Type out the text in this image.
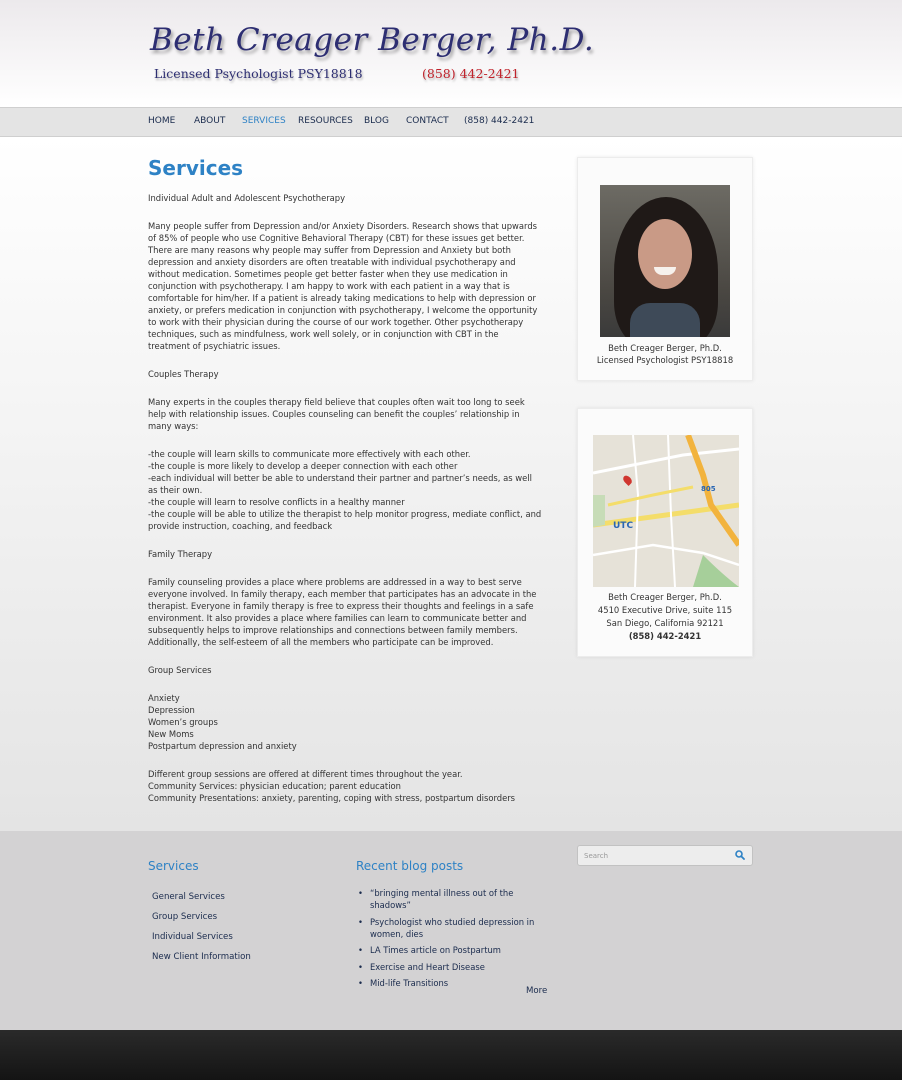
Beth Creager Berger, Ph.D.
Licensed Psychologist PSY18818	(858) 442-2421
HOME ABOUT SERVICES RESOURCES BLOG CONTACT (858) 442-2421
Services
Individual Adult and Adolescent Psychotherapy
Many people suffer from Depression and/or Anxiety Disorders. Research shows that upwards of 85% of people who use Cognitive Behavioral Therapy (CBT) for these issues get better. There are many reasons why people may suffer from Depression and Anxiety but both depression and anxiety disorders are often treatable with individual psychotherapy and without medication. Sometimes people get better faster when they use medication in conjunction with psychotherapy. I am happy to work with each patient in a way that is comfortable for him/her. If a patient is already taking medications to help with depression or anxiety, or prefers medication in conjunction with psychotherapy, I welcome the opportunity to work with their physician during the course of our work together. Other psychotherapy techniques, such as mindfulness, work well solely, or in conjunction with CBT in the treatment of psychiatric issues.
Couples Therapy
Many experts in the couples therapy field believe that couples often wait too long to seek help with relationship issues. Couples counseling can benefit the couples’ relationship in many ways:
-the couple will learn skills to communicate more effectively with each other.
-the couple is more likely to develop a deeper connection with each other
-each individual will better be able to understand their partner and partner’s needs, as well as their own.
-the couple will learn to resolve conflicts in a healthy manner
-the couple will be able to utilize the therapist to help monitor progress, mediate conflict, and provide instruction, coaching, and feedback
Family Therapy
Family counseling provides a place where problems are addressed in a way to best serve everyone involved. In family therapy, each member that participates has an advocate in the therapist. Everyone in family therapy is free to express their thoughts and feelings in a safe environment. It also provides a place where families can learn to communicate better and subsequently helps to improve relationships and connections between family members. Additionally, the self-esteem of all the members who participate can be improved.
Group Services
Anxiety
Depression
Women’s groups
New Moms
Postpartum depression and anxiety
Different group sessions are offered at different times throughout the year.
Community Services: physician education; parent education
Community Presentations: anxiety, parenting, coping with stress, postpartum disorders
Beth Creager Berger, Ph.D.
Licensed Psychologist PSY18818
UTC
805
Beth Creager Berger, Ph.D.
4510 Executive Drive, suite 115
San Diego, California 92121
(858) 442-2421
Services
General Services
Group Services
Individual Services
New Client Information
Recent blog posts
• “bringing mental illness out of the shadows”
• Psychologist who studied depression in women, dies
• LA Times article on Postpartum
• Exercise and Heart Disease
• Mid-life Transitions
More
Search
